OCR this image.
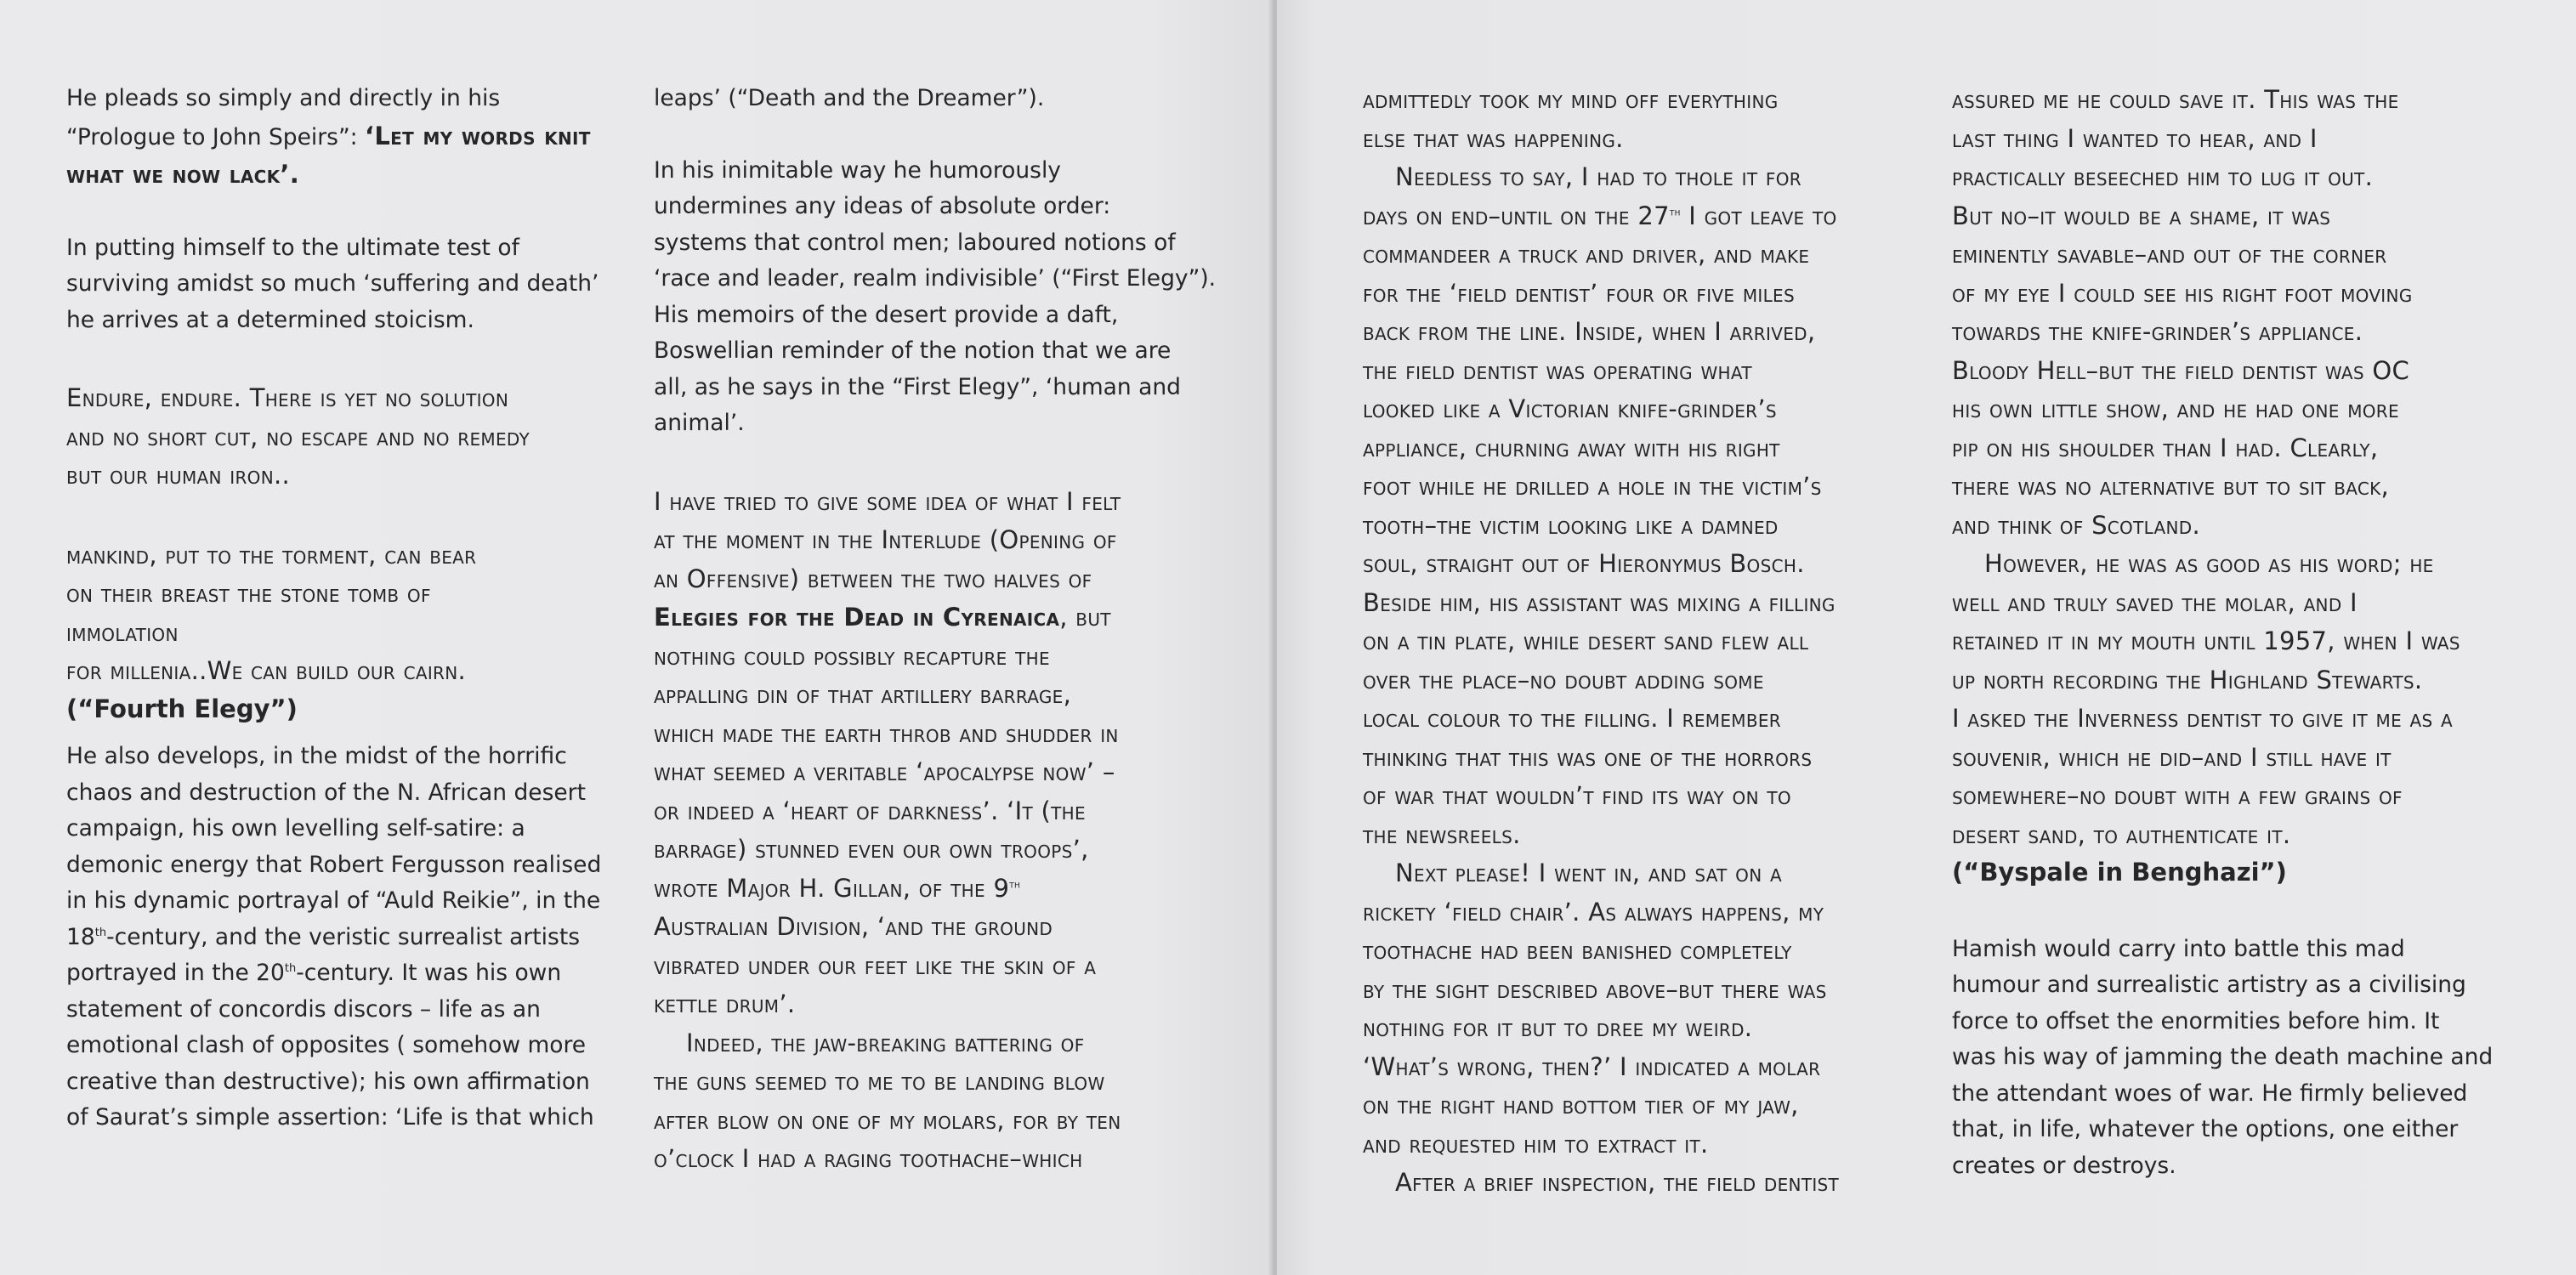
He pleads so simply and directly in his
“Prologue to John Speirs”: ‘Let my words knit
what we now lack’.
In putting himself to the ultimate test of
surviving amidst so much ‘suffering and death’
he arrives at a determined stoicism.
Endure, endure. There is yet no solution
and no short cut, no escape and no remedy
but our human iron..
mankind, put to the torment, can bear
on their breast the stone tomb of
immolation
for millenia..We can build our cairn.
(“Fourth Elegy”)
He also develops, in the midst of the horrific
chaos and destruction of the N. African desert
campaign, his own levelling self-satire: a
demonic energy that Robert Fergusson realised
in his dynamic portrayal of “Auld Reikie”, in the
18th-century, and the veristic surrealist artists
portrayed in the 20th-century. It was his own
statement of concordis discors – life as an
emotional clash of opposites ( somehow more
creative than destructive); his own affirmation
of Saurat’s simple assertion: ‘Life is that which
leaps’ (“Death and the Dreamer”).
In his inimitable way he humorously
undermines any ideas of absolute order:
systems that control men; laboured notions of
‘race and leader, realm indivisible’ (“First Elegy”).
His memoirs of the desert provide a daft,
Boswellian reminder of the notion that we are
all, as he says in the “First Elegy”, ‘human and
animal’.
I have tried to give some idea of what I felt
at the moment in the Interlude (Opening of
an Offensive) between the two halves of
Elegies for the Dead in Cyrenaica, but
nothing could possibly recapture the
appalling din of that artillery barrage,
which made the earth throb and shudder in
what seemed a veritable ‘apocalypse now’ –
or indeed a ‘heart of darkness’. ‘It (the
barrage) stunned even our own troops’,
wrote Major H. Gillan, of the 9th
Australian Division, ‘and the ground
vibrated under our feet like the skin of a
kettle drum’.
Indeed, the jaw-breaking battering of
the guns seemed to me to be landing blow
after blow on one of my molars, for by ten
o’clock I had a raging toothache–which
admittedly took my mind off everything
else that was happening.
Needless to say, I had to thole it for
days on end–until on the 27th I got leave to
commandeer a truck and driver, and make
for the ‘field dentist’ four or five miles
back from the line. Inside, when I arrived,
the field dentist was operating what
looked like a Victorian knife-grinder’s
appliance, churning away with his right
foot while he drilled a hole in the victim’s
tooth–the victim looking like a damned
soul, straight out of Hieronymus Bosch.
Beside him, his assistant was mixing a filling
on a tin plate, while desert sand flew all
over the place–no doubt adding some
local colour to the filling. I remember
thinking that this was one of the horrors
of war that wouldn’t find its way on to
the newsreels.
Next please! I went in, and sat on a
rickety ‘field chair’. As always happens, my
toothache had been banished completely
by the sight described above–but there was
nothing for it but to dree my weird.
‘What’s wrong, then?’ I indicated a molar
on the right hand bottom tier of my jaw,
and requested him to extract it.
After a brief inspection, the field dentist
assured me he could save it. This was the
last thing I wanted to hear, and I
practically beseeched him to lug it out.
But no–it would be a shame, it was
eminently savable–and out of the corner
of my eye I could see his right foot moving
towards the knife-grinder’s appliance.
Bloody Hell–but the field dentist was OC
his own little show, and he had one more
pip on his shoulder than I had. Clearly,
there was no alternative but to sit back,
and think of Scotland.
However, he was as good as his word; he
well and truly saved the molar, and I
retained it in my mouth until 1957, when I was
up north recording the Highland Stewarts.
I asked the Inverness dentist to give it me as a
souvenir, which he did–and I still have it
somewhere–no doubt with a few grains of
desert sand, to authenticate it.
(“Byspale in Benghazi”)
Hamish would carry into battle this mad
humour and surrealistic artistry as a civilising
force to offset the enormities before him. It
was his way of jamming the death machine and
the attendant woes of war. He firmly believed
that, in life, whatever the options, one either
creates or destroys.
